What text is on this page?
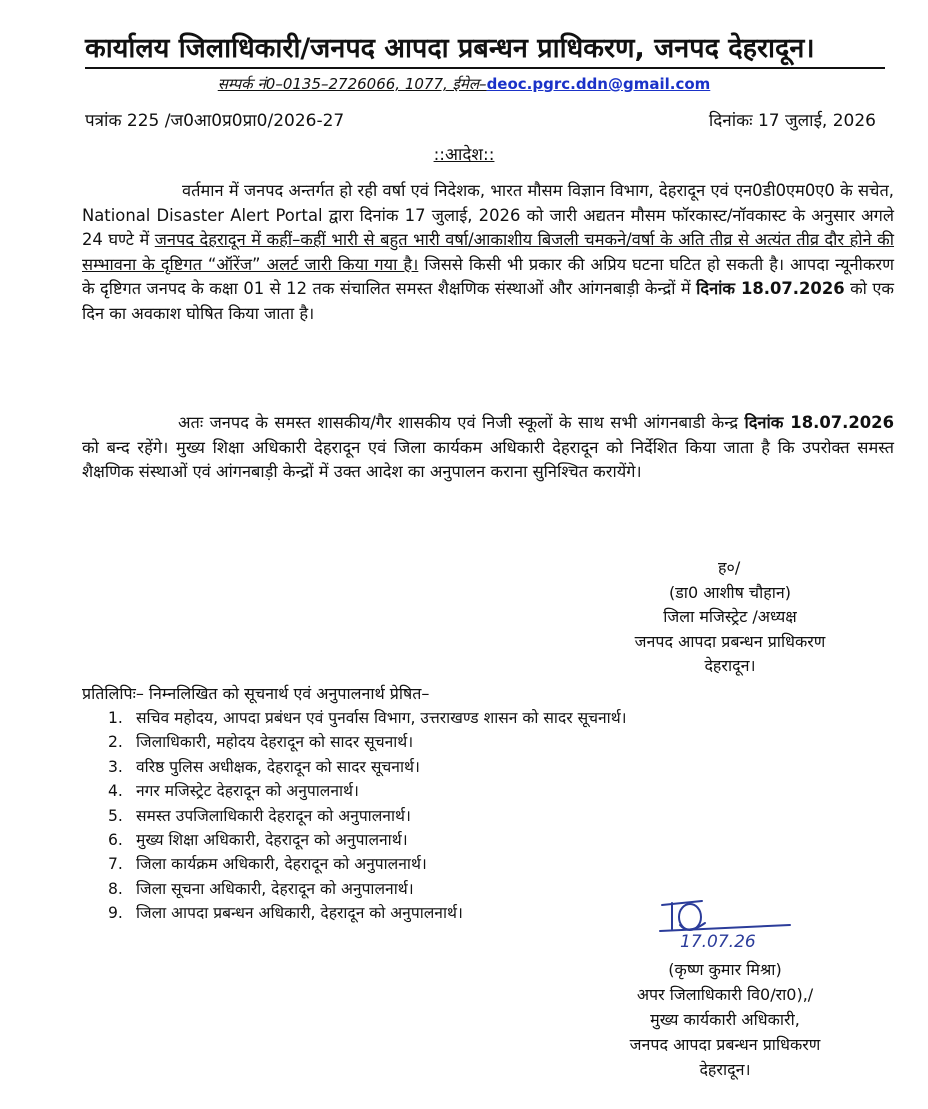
कार्यालय जिलाधिकारी/जनपद आपदा प्रबन्धन प्राधिकरण, जनपद देहरादून।
सम्पर्क नं0–0135–2726066, 1077, ईमेल–deoc.pgrc.ddn@gmail.com
पत्रांक 225 /ज0आ0प्र0प्रा0/2026-27	दिनांकः 17 जुलाई, 2026
::आदेश::
वर्तमान में जनपद अन्तर्गत हो रही वर्षा एवं निदेशक, भारत मौसम विज्ञान विभाग, देहरादून एवं एन0डी0एम0ए0 के सचेत, National Disaster Alert Portal द्वारा दिनांक 17 जुलाई, 2026 को जारी अद्यतन मौसम फॉरकास्ट/नॉवकास्ट के अनुसार अगले 24 घण्टे में जनपद देहरादून में कहीं–कहीं भारी से बहुत भारी वर्षा/आकाशीय बिजली चमकने/वर्षा के अति तीव्र से अत्यंत तीव्र दौर होने की सम्भावना के दृष्टिगत “ऑरेंज” अलर्ट जारी किया गया है। जिससे किसी भी प्रकार की अप्रिय घटना घटित हो सकती है। आपदा न्यूनीकरण के दृष्टिगत जनपद के कक्षा 01 से 12 तक संचालित समस्त शैक्षणिक संस्थाओं और आंगनबाड़ी केन्द्रों में दिनांक 18.07.2026 को एक दिन का अवकाश घोषित किया जाता है।
अतः जनपद के समस्त शासकीय/गैर शासकीय एवं निजी स्कूलों के साथ सभी आंगनबाडी केन्द्र दिनांक 18.07.2026 को बन्द रहेंगे। मुख्य शिक्षा अधिकारी देहरादून एवं जिला कार्यकम अधिकारी देहरादून को निर्देशित किया जाता है कि उपरोक्त समस्त शैक्षणिक संस्थाओं एवं आंगनबाड़ी केन्द्रों में उक्त आदेश का अनुपालन कराना सुनिश्चित करायेंगे।
ह०/
(डा0 आशीष चौहान)
जिला मजिस्ट्रेट /अध्यक्ष
जनपद आपदा प्रबन्धन प्राधिकरण
देहरादून।
प्रतिलिपिः– निम्नलिखित को सूचनार्थ एवं अनुपालनार्थ प्रेषित–
1. सचिव महोदय, आपदा प्रबंधन एवं पुनर्वास विभाग, उत्तराखण्ड शासन को सादर सूचनार्थ।
2. जिलाधिकारी, महोदय देहरादून को सादर सूचनार्थ।
3. वरिष्ठ पुलिस अधीक्षक, देहरादून को सादर सूचनार्थ।
4. नगर मजिस्ट्रेट देहरादून को अनुपालनार्थ।
5. समस्त उपजिलाधिकारी देहरादून को अनुपालनार्थ।
6. मुख्य शिक्षा अधिकारी, देहरादून को अनुपालनार्थ।
7. जिला कार्यक्रम अधिकारी, देहरादून को अनुपालनार्थ।
8. जिला सूचना अधिकारी, देहरादून को अनुपालनार्थ।
9. जिला आपदा प्रबन्धन अधिकारी, देहरादून को अनुपालनार्थ।
17.07.26
(कृष्ण कुमार मिश्रा)
अपर जिलाधिकारी वि0/रा0),/
मुख्य कार्यकारी अधिकारी,
जनपद आपदा प्रबन्धन प्राधिकरण
देहरादून।
